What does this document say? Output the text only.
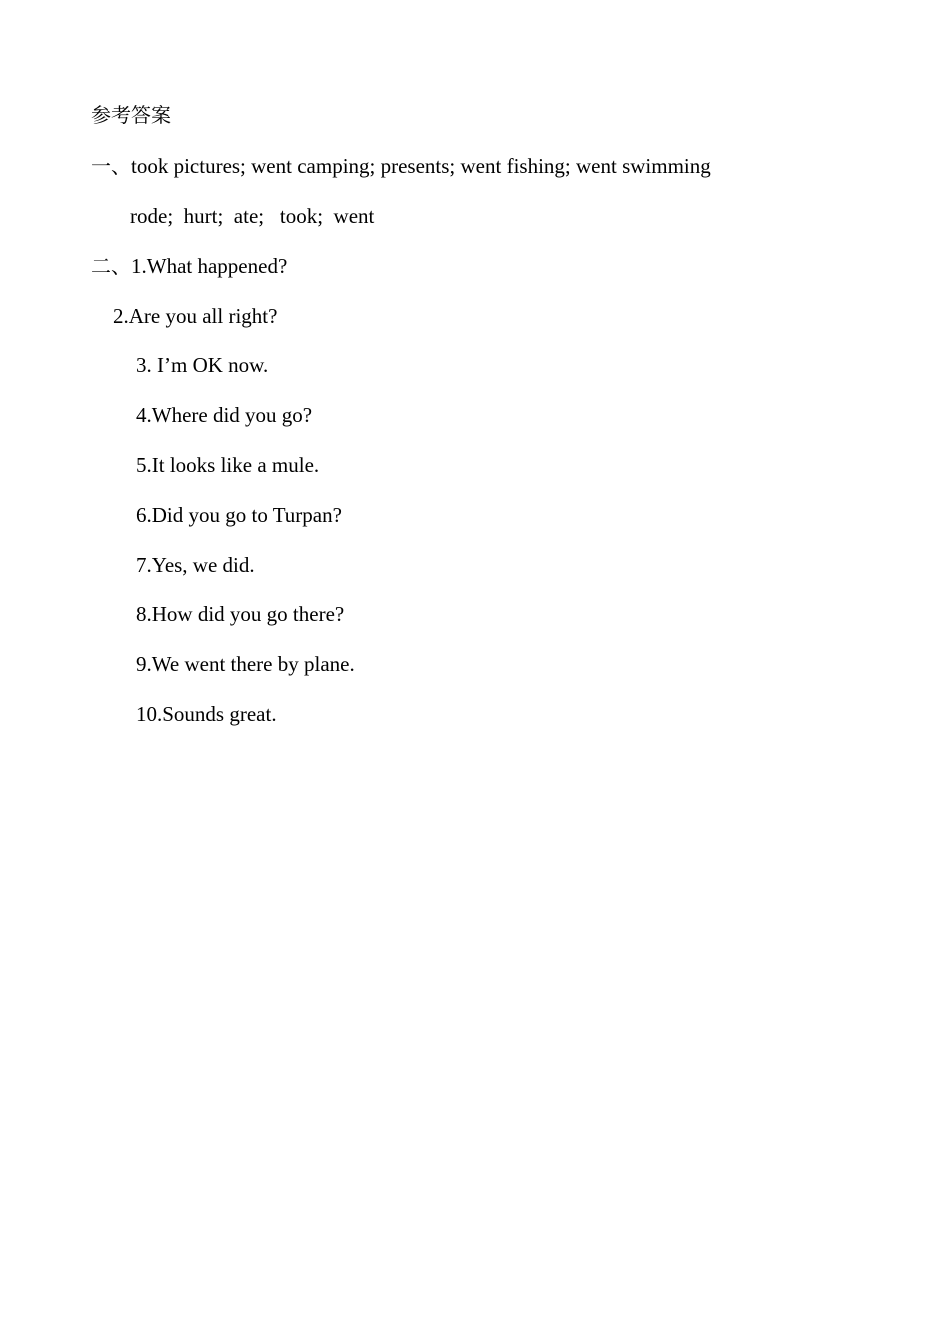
参考答案
一、took pictures; went camping; presents; went fishing; went swimming
rode;  hurt;  ate;   took;  went
二、1.What happened?
2.Are you all right?
3. I’m OK now.
4.Where did you go?
5.It looks like a mule.
6.Did you go to Turpan?
7.Yes, we did.
8.How did you go there?
9.We went there by plane.
10.Sounds great.
